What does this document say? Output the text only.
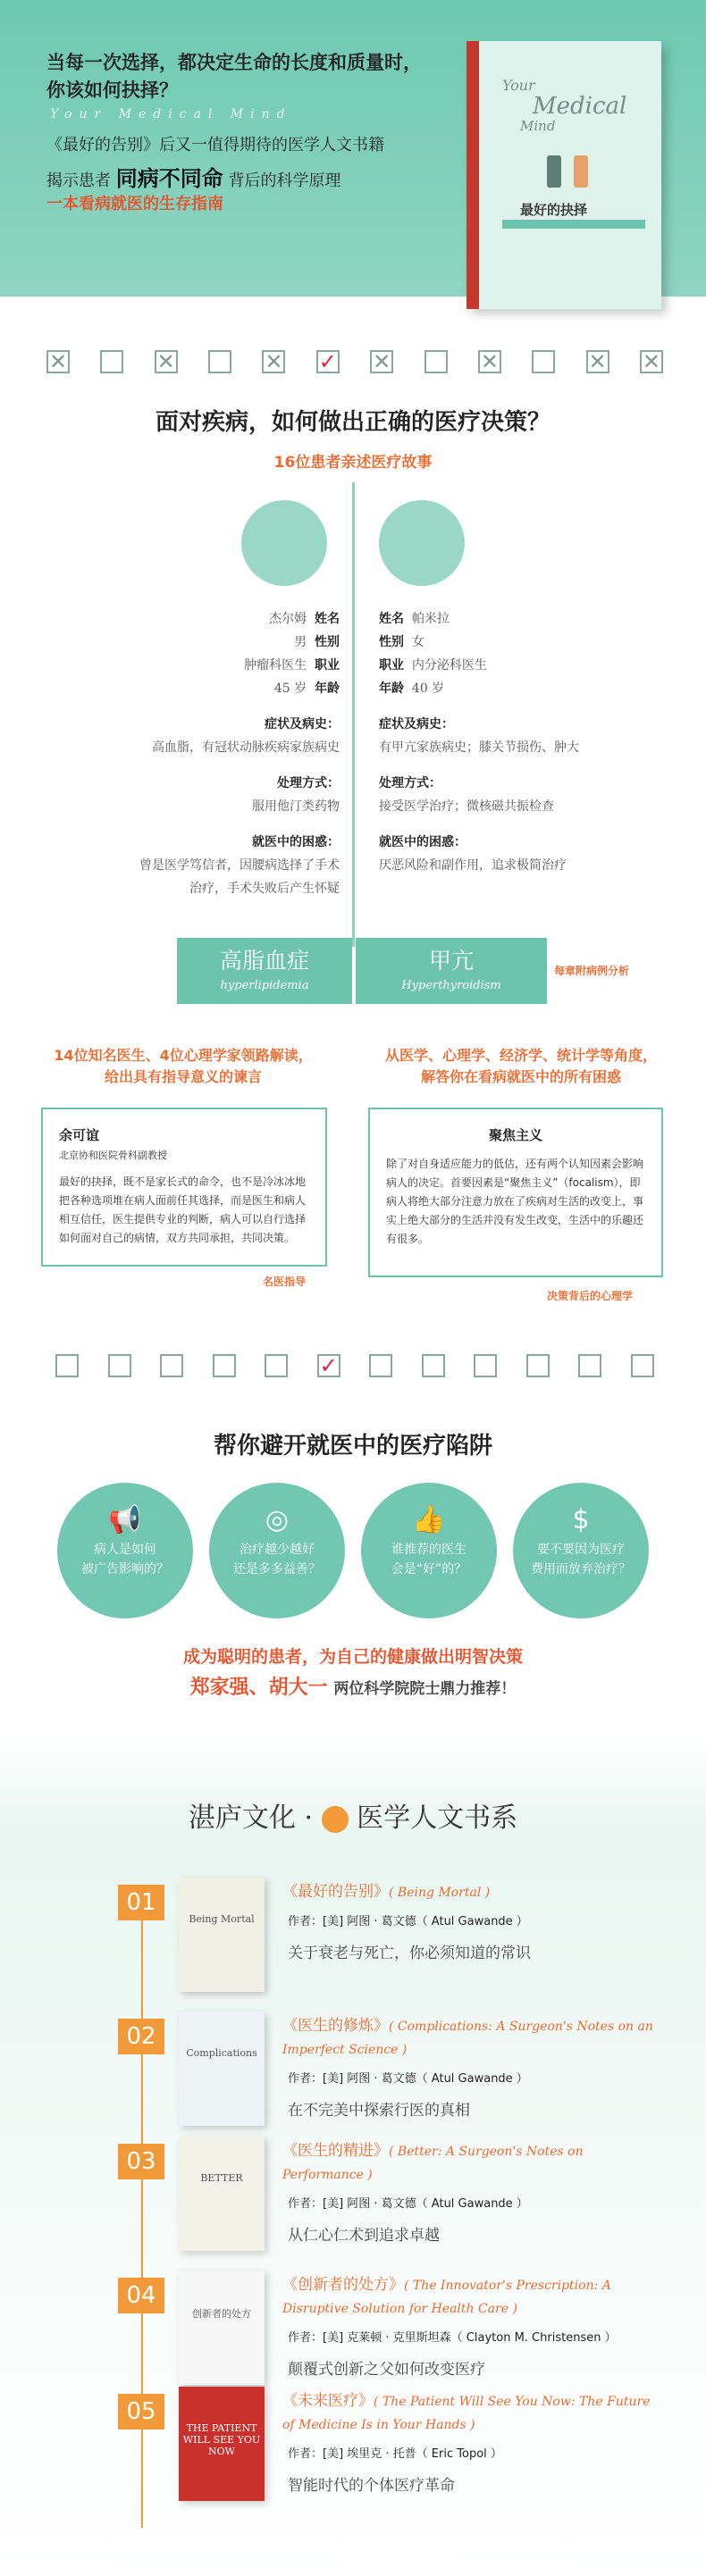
当每一次选择，都决定生命的长度和质量时，
你该如何抉择？
Your Medical Mind
《最好的告别》后又一值得期待的医学人文书籍
揭示患者 同病不同命 背后的科学原理
一本看病就医的生存指南
Your
Medical
Mind
最好的抉择
✕	✕	✕ ✓ ✕	✕	✕ ✕
面对疾病，如何做出正确的医疗决策？
16位患者亲述医疗故事
杰尔姆 姓名
男 性别
肿瘤科医生 职业
45 岁 年龄
症状及病史：
高血脂，有冠状动脉疾病家族病史
处理方式：
服用他汀类药物
就医中的困惑：
曾是医学笃信者，因腰病选择了手术治疗，手术失败后产生怀疑
姓名 帕米拉
性别 女
职业 内分泌科医生
年龄 40 岁
症状及病史：
有甲亢家族病史；膝关节损伤、肿大
处理方式：
接受医学治疗；微核磁共振检查
就医中的困惑：
厌恶风险和副作用，追求极简治疗
高脂血症
hyperlipidemia
甲亢
Hyperthyroidism
每章附病例分析
14位知名医生、4位心理学家领路解读，
给出具有指导意义的谏言
从医学、心理学、经济学、统计学等角度，
解答你在看病就医中的所有困惑
余可谊
北京协和医院骨科副教授
最好的抉择，既不是家长式的命令，也不是冷冰冰地把各种选项堆在病人面前任其选择，而是医生和病人相互信任，医生提供专业的判断，病人可以自行选择如何面对自己的病情，双方共同承担，共同决策。
名医指导
聚焦主义
除了对自身适应能力的低估，还有两个认知因素会影响病人的决定。首要因素是“聚焦主义”（focalism），即病人将绝大部分注意力放在了疾病对生活的改变上，事实上绝大部分的生活并没有发生改变，生活中的乐趣还有很多。
决策背后的心理学
✓
帮你避开就医中的医疗陷阱
📢
病人是如何
被广告影响的？
◎
治疗越少越好
还是多多益善？
👍
谁推荐的医生
会是“好”的？
$
要不要因为医疗
费用而放弃治疗？
成为聪明的患者，为自己的健康做出明智决策
郑家强、胡大一 两位科学院院士鼎力推荐！
湛庐文化 · 医学人文书系
01
Being Mortal
《最好的告别》( Being Mortal )
作者：[美] 阿图 · 葛文德（ Atul Gawande ）
关于衰老与死亡，你必须知道的常识
02
Complications
《医生的修炼》( Complications: A Surgeon's Notes on an Imperfect Science )
作者：[美] 阿图 · 葛文德（ Atul Gawande ）
在不完美中探索行医的真相
03
BETTER
《医生的精进》( Better: A Surgeon's Notes on Performance )
作者：[美] 阿图 · 葛文德（ Atul Gawande ）
从仁心仁术到追求卓越
04
创新者的处方
《创新者的处方》( The Innovator's Prescription: A Disruptive Solution for Health Care )
作者：[美] 克莱顿 · 克里斯坦森（ Clayton M. Christensen ）
颠覆式创新之父如何改变医疗
05
THE PATIENT WILL SEE YOU NOW
《未来医疗》( The Patient Will See You Now: The Future of Medicine Is in Your Hands )
作者：[美] 埃里克 · 托普（ Eric Topol ）
智能时代的个体医疗革命
